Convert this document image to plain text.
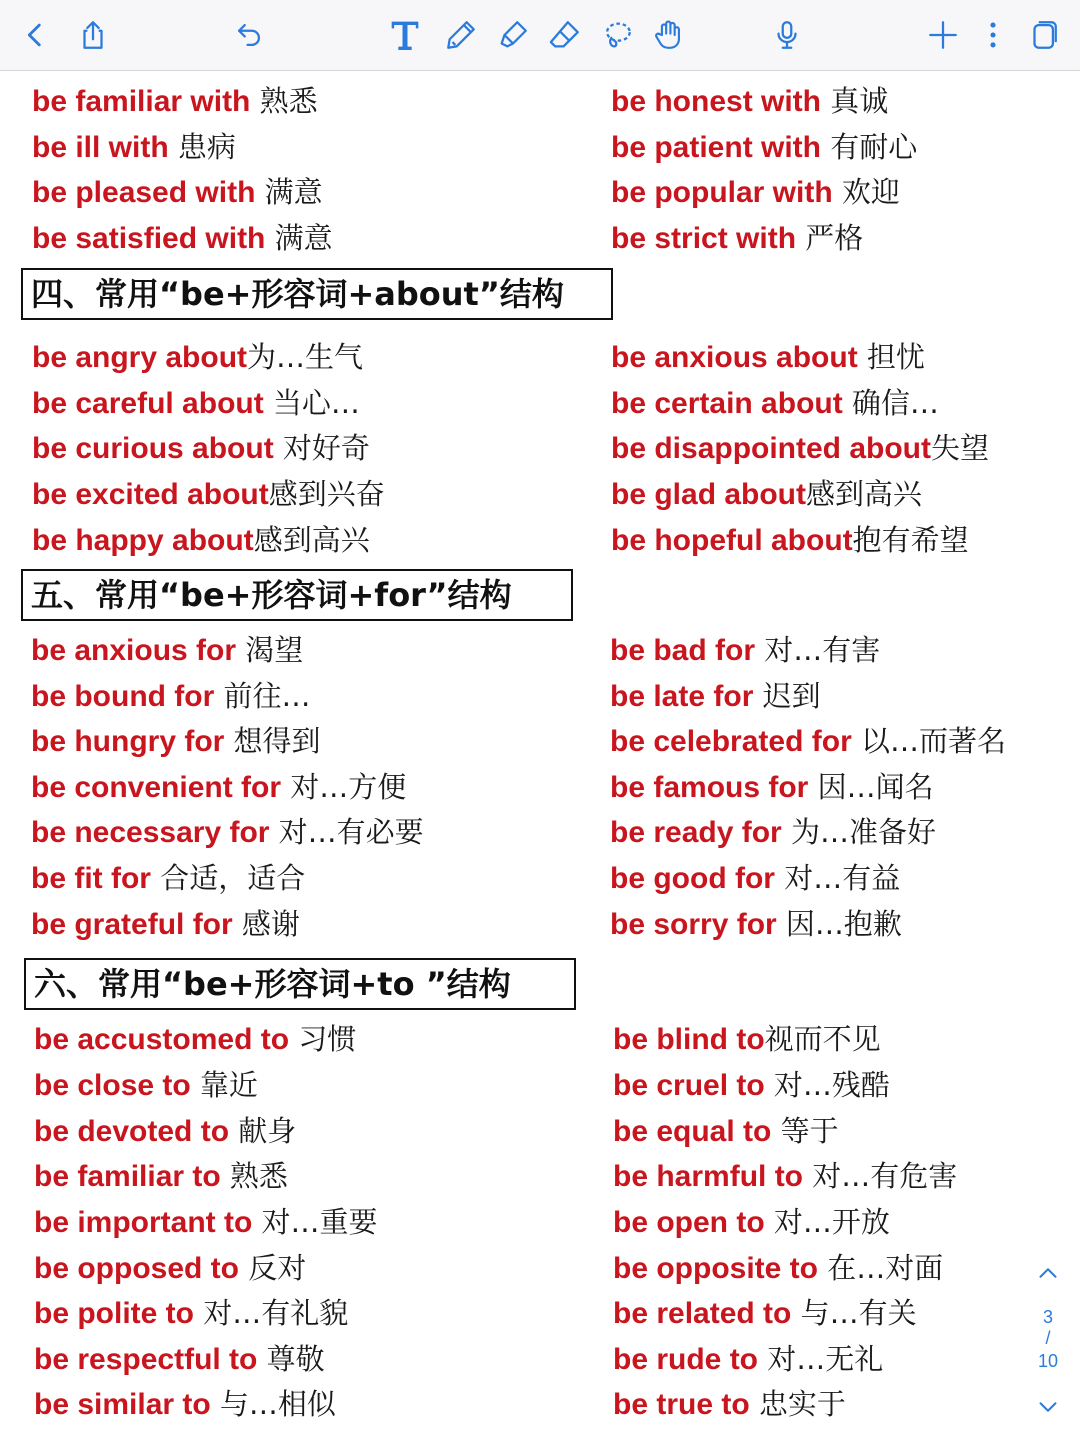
be familiar with 熟悉
be ill with 患病
be pleased with 满意
be satisfied with 满意
be honest with 真诚
be patient with 有耐心
be popular with 欢迎
be strict with 严格
四、常用“be+形容词+about”结构
be angry about为…生气
be careful about 当心…
be curious about 对好奇
be excited about感到兴奋
be happy about感到高兴
be anxious about 担忧
be certain about 确信…
be disappointed about失望
be glad about感到高兴
be hopeful about抱有希望
五、常用“be+形容词+for”结构
be anxious for 渴望
be bound for 前往…
be hungry for 想得到
be convenient for 对…方便
be necessary for 对…有必要
be fit for 合适，适合
be grateful for 感谢
be bad for 对…有害
be late for 迟到
be celebrated for 以…而著名
be famous for 因…闻名
be ready for 为…准备好
be good for 对…有益
be sorry for 因…抱歉
六、常用“be+形容词+to ”结构
be accustomed to 习惯
be close to 靠近
be devoted to 献身
be familiar to 熟悉
be important to 对…重要
be opposed to 反对
be polite to 对…有礼貌
be respectful to 尊敬
be similar to 与…相似
be blind to视而不见
be cruel to 对…残酷
be equal to 等于
be harmful to 对…有危害
be open to 对…开放
be opposite to 在…对面
be related to 与…有关
be rude to 对…无礼
be true to 忠实于
3
/
10
